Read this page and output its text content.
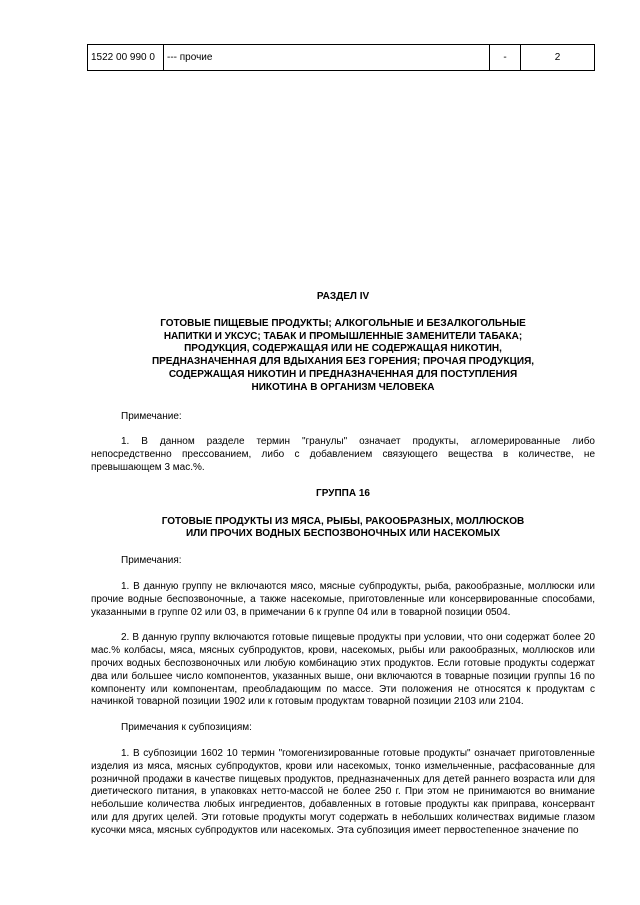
1522 00 990 0	--- прочие	-	2
РАЗДЕЛ IV
ГОТОВЫЕ ПИЩЕВЫЕ ПРОДУКТЫ; АЛКОГОЛЬНЫЕ И БЕЗАЛКОГОЛЬНЫЕ
НАПИТКИ И УКСУС; ТАБАК И ПРОМЫШЛЕННЫЕ ЗАМЕНИТЕЛИ ТАБАКА;
ПРОДУКЦИЯ, СОДЕРЖАЩАЯ ИЛИ НЕ СОДЕРЖАЩАЯ НИКОТИН,
ПРЕДНАЗНАЧЕННАЯ ДЛЯ ВДЫХАНИЯ БЕЗ ГОРЕНИЯ; ПРОЧАЯ ПРОДУКЦИЯ,
СОДЕРЖАЩАЯ НИКОТИН И ПРЕДНАЗНАЧЕННАЯ ДЛЯ ПОСТУПЛЕНИЯ
НИКОТИНА В ОРГАНИЗМ ЧЕЛОВЕКА
Примечание:
1. В данном разделе термин "гранулы" означает продукты, агломерированные либо непосредственно прессованием, либо с добавлением связующего вещества в количестве, не превышающем 3 мас.%.
ГРУППА 16
ГОТОВЫЕ ПРОДУКТЫ ИЗ МЯСА, РЫБЫ, РАКООБРАЗНЫХ, МОЛЛЮСКОВ
ИЛИ ПРОЧИХ ВОДНЫХ БЕСПОЗВОНОЧНЫХ ИЛИ НАСЕКОМЫХ
Примечания:
1. В данную группу не включаются мясо, мясные субпродукты, рыба, ракообразные, моллюски или прочие водные беспозвоночные, а также насекомые, приготовленные или консервированные способами, указанными в группе 02 или 03, в примечании 6 к группе 04 или в товарной позиции 0504.
2. В данную группу включаются готовые пищевые продукты при условии, что они содержат более 20 мас.% колбасы, мяса, мясных субпродуктов, крови, насекомых, рыбы или ракообразных, моллюсков или прочих водных беспозвоночных или любую комбинацию этих продуктов. Если готовые продукты содержат два или большее число компонентов, указанных выше, они включаются в товарные позиции группы 16 по компоненту или компонентам, преобладающим по массе. Эти положения не относятся к продуктам с начинкой товарной позиции 1902 или к готовым продуктам товарной позиции 2103 или 2104.
Примечания к субпозициям:
1. В субпозиции 1602 10 термин "гомогенизированные готовые продукты" означает приготовленные изделия из мяса, мясных субпродуктов, крови или насекомых, тонко измельченные, расфасованные для розничной продажи в качестве пищевых продуктов, предназначенных для детей раннего возраста или для диетического питания, в упаковках нетто-массой не более 250 г. При этом не принимаются во внимание небольшие количества любых ингредиентов, добавленных в готовые продукты как приправа, консервант или для других целей. Эти готовые продукты могут содержать в небольших количествах видимые глазом кусочки мяса, мясных субпродуктов или насекомых. Эта субпозиция имеет первостепенное значение по
